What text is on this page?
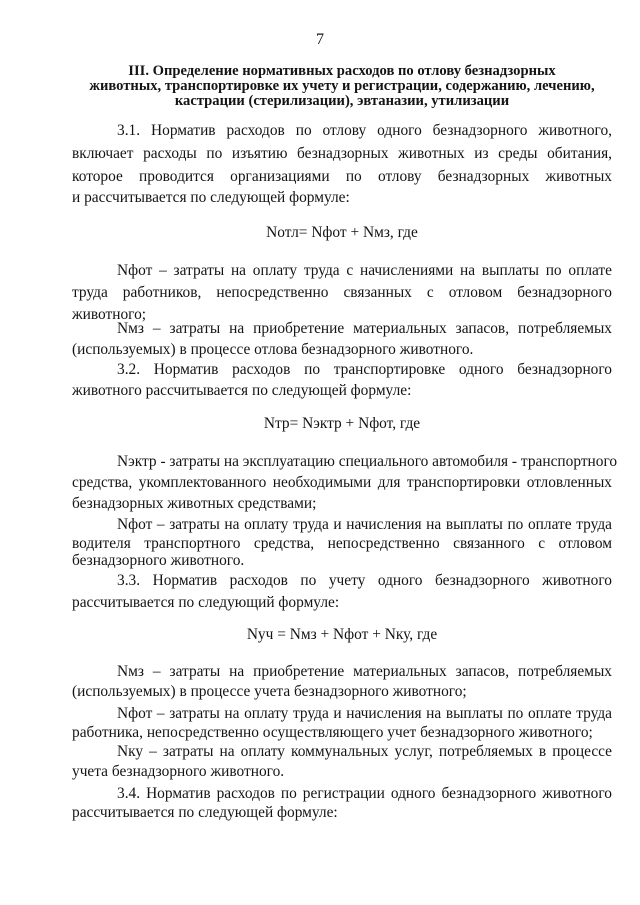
7
III. Определение нормативных расходов по отлову безнадзорных
животных, транспортировке их учету и регистрации, содержанию, лечению,
кастрации (стерилизации), эвтаназии, утилизации
3.1. Норматив расходов по отлову одного безнадзорного животного,
включает расходы по изъятию безнадзорных животных из среды обитания,
которое проводится организациями по отлову безнадзорных животных
и рассчитывается по следующей формуле:
Nотл= Nфот + Nмз, где
Nфот – затраты на оплату труда с начислениями на выплаты по оплате
труда работников, непосредственно связанных с отловом безнадзорного
животного;
Nмз – затраты на приобретение материальных запасов, потребляемых
(используемых) в процессе отлова безнадзорного животного.
3.2. Норматив расходов по транспортировке одного безнадзорного
животного рассчитывается по следующей формуле:
Nтр= Nэктр + Nфот, где
Nэктр - затраты на эксплуатацию специального автомобиля - транспортного
средства, укомплектованного необходимыми для транспортировки отловленных
безнадзорных животных средствами;
Nфот – затраты на оплату труда и начисления на выплаты по оплате труда
водителя транспортного средства, непосредственно связанного с отловом
безнадзорного животного.
3.3. Норматив расходов по учету одного безнадзорного животного
рассчитывается по следующий формуле:
Nуч = Nмз + Nфот + Nку, где
Nмз – затраты на приобретение материальных запасов, потребляемых
(используемых) в процессе учета безнадзорного животного;
Nфот – затраты на оплату труда и начисления на выплаты по оплате труда
работника, непосредственно осуществляющего учет безнадзорного животного;
Nку – затраты на оплату коммунальных услуг, потребляемых в процессе
учета безнадзорного животного.
3.4. Норматив расходов по регистрации одного безнадзорного животного
рассчитывается по следующей формуле:
